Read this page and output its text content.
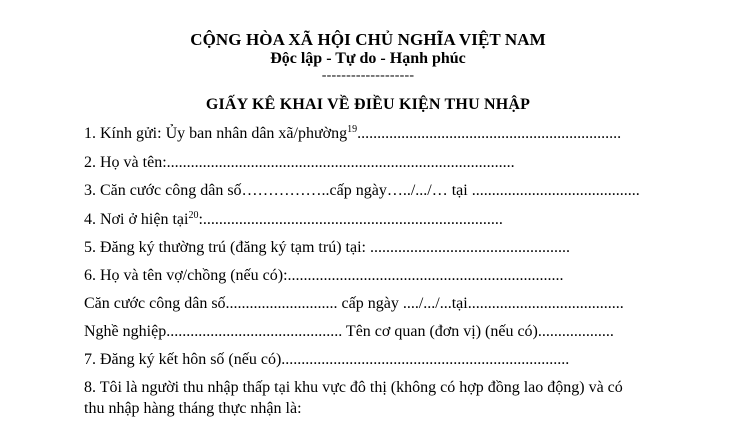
CỘNG HÒA XÃ HỘI CHỦ NGHĨA VIỆT NAM
Độc lập - Tự do - Hạnh phúc
-------------------
GIẤY KÊ KHAI VỀ ĐIỀU KIỆN THU NHẬP
1. Kính gửi: Ủy ban nhân dân xã/phường$^{19}$..................................................................
2. Họ và tên:.......................................................................................
3. Căn cước công dân số……………..cấp ngày…../.../… tại ..........................................
4. Nơi ở hiện tại$^{20}$:...........................................................................
5. Đăng ký thường trú (đăng ký tạm trú) tại: ..................................................
6. Họ và tên vợ/chồng (nếu có):.....................................................................
Căn cước công dân số............................ cấp ngày ..../.../...tại.......................................
Nghề nghiệp............................................ Tên cơ quan (đơn vị) (nếu có)...................
7. Đăng ký kết hôn số (nếu có)........................................................................
8. Tôi là người thu nhập thấp tại khu vực đô thị (không có hợp đồng lao động) và có
thu nhập hàng tháng thực nhận là:
